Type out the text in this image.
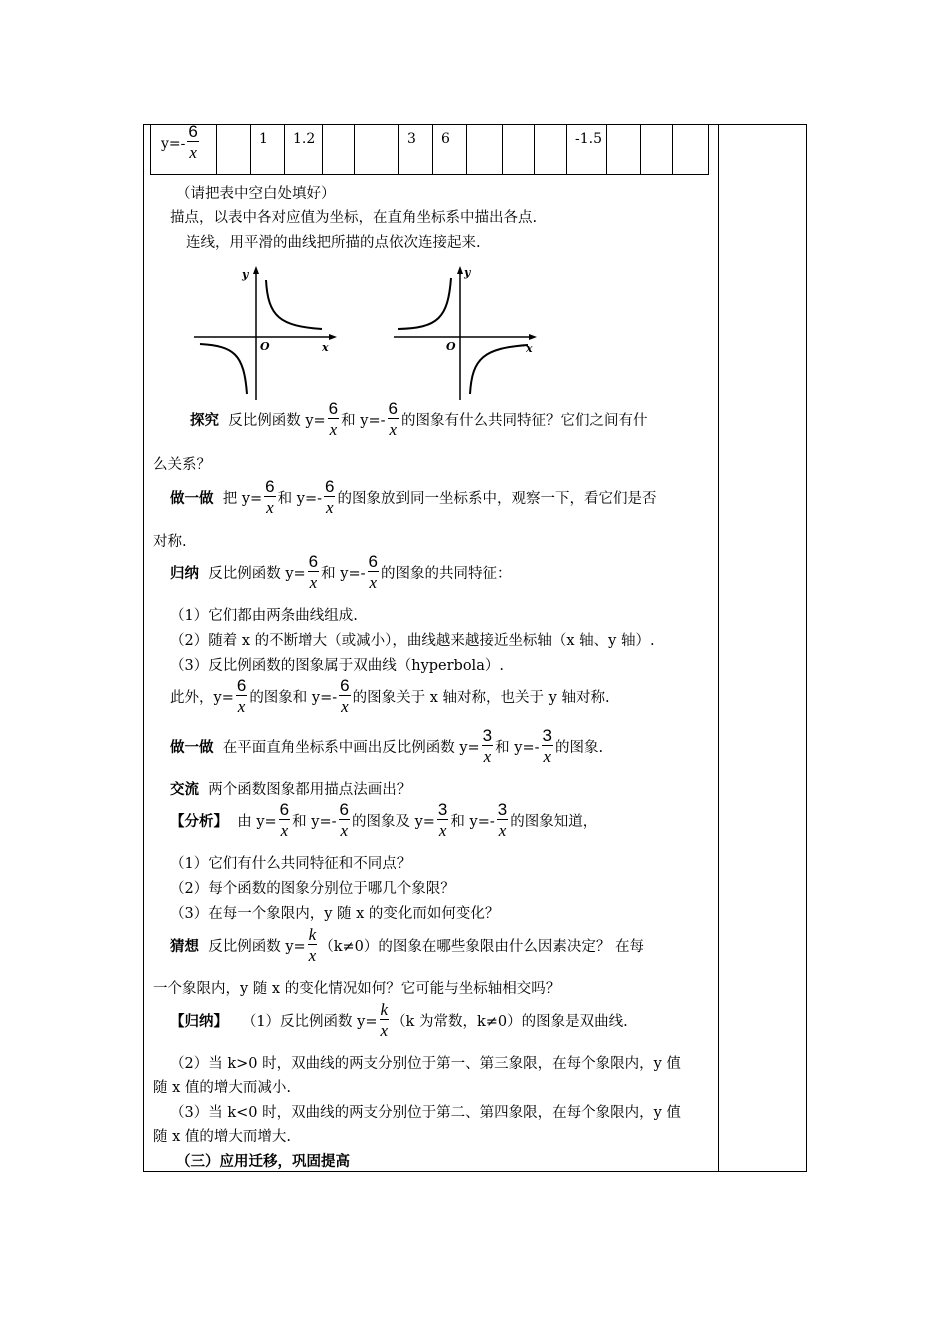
$y=- \frac{6}{x}$		1	1.2			3	6				-1.5			
（请把表中空白处填好）
描点，以表中各对应值为坐标，在直角坐标系中描出各点.
连线，用平滑的曲线把所描的点依次连接起来.
y
O	x
y
O	x
探究 反比例函数 $y= \frac{6}{x}$ 和 $y=- \frac{6}{x}$ 的图象有什么共同特征？它们之间有什
么关系？
做一做 把 $y= \frac{6}{x}$ 和 $y=- \frac{6}{x}$ 的图象放到同一坐标系中，观察一下，看它们是否
对称.
归纳 反比例函数 $y= \frac{6}{x}$ 和 $y=- \frac{6}{x}$ 的图象的共同特征：
（1）它们都由两条曲线组成.
（2）随着 x 的不断增大（或减小），曲线越来越接近坐标轴（x 轴、y 轴）.
（3）反比例函数的图象属于双曲线（hyperbola）.
此外，$y= \frac{6}{x}$ 的图象和 $y=- \frac{6}{x}$ 的图象关于 x 轴对称，也关于 y 轴对称.
做一做 在平面直角坐标系中画出反比例函数 $y= \frac{3}{x}$ 和 $y=- \frac{3}{x}$ 的图象.
交流 两个函数图象都用描点法画出？
【分析】 由 $y= \frac{6}{x}$ 和 $y=- \frac{6}{x}$ 的图象及 $y= \frac{3}{x}$ 和 $y=- \frac{3}{x}$ 的图象知道，
（1）它们有什么共同特征和不同点？
（2）每个函数的图象分别位于哪几个象限？
（3）在每一个象限内，y 随 x 的变化而如何变化？
猜想 反比例函数 $y= \frac{k}{x} (k\ne 0)$的图象在哪些象限由什么因素决定？ 在每
一个象限内，y 随 x 的变化情况如何？它可能与坐标轴相交吗？
【归纳】 （1）反比例函数 $y= \frac{k}{x} (k$ 为常数，k≠0）的图象是双曲线.
（2）当 k>0 时，双曲线的两支分别位于第一、第三象限，在每个象限内，y 值
随 x 值的增大而减小.
（3）当 k<0 时，双曲线的两支分别位于第二、第四象限，在每个象限内，y 值
随 x 值的增大而增大.
（三）应用迁移，巩固提高
